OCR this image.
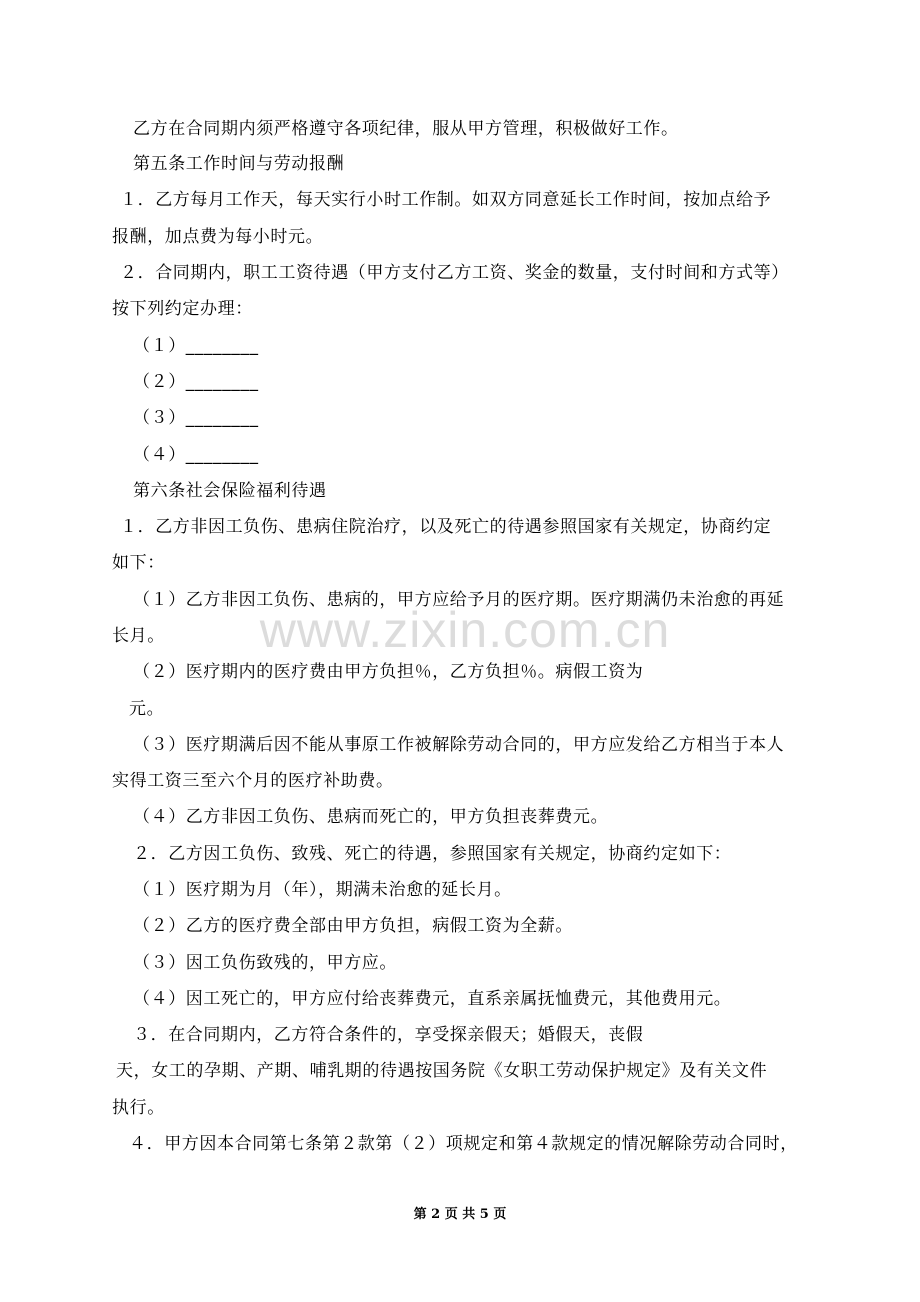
www.zixin.com.cn
乙方在合同期内须严格遵守各项纪律，服从甲方管理，积极做好工作。
第五条工作时间与劳动报酬
１．乙方每月工作天，每天实行小时工作制。如双方同意延长工作时间，按加点给予
报酬，加点费为每小时元。
２．合同期内，职工工资待遇（甲方支付乙方工资、奖金的数量，支付时间和方式等）
按下列约定办理：
（１）________
（２）________
（３）________
（４）________
第六条社会保险福利待遇
１．乙方非因工负伤、患病住院治疗，以及死亡的待遇参照国家有关规定，协商约定
如下：
（１）乙方非因工负伤、患病的，甲方应给予月的医疗期。医疗期满仍未治愈的再延
长月。
（２）医疗期内的医疗费由甲方负担％，乙方负担％。病假工资为
元。
（３）医疗期满后因不能从事原工作被解除劳动合同的，甲方应发给乙方相当于本人
实得工资三至六个月的医疗补助费。
（４）乙方非因工负伤、患病而死亡的，甲方负担丧葬费元。
２．乙方因工负伤、致残、死亡的待遇，参照国家有关规定，协商约定如下：
（１）医疗期为月（年），期满未治愈的延长月。
（２）乙方的医疗费全部由甲方负担，病假工资为全薪。
（３）因工负伤致残的，甲方应。
（４）因工死亡的，甲方应付给丧葬费元，直系亲属抚恤费元，其他费用元。
３．在合同期内，乙方符合条件的，享受探亲假天；婚假天，丧假
天，女工的孕期、产期、哺乳期的待遇按国务院《女职工劳动保护规定》及有关文件
执行。
４．甲方因本合同第七条第２款第（２）项规定和第４款规定的情况解除劳动合同时，
第 2 页 共 5 页
